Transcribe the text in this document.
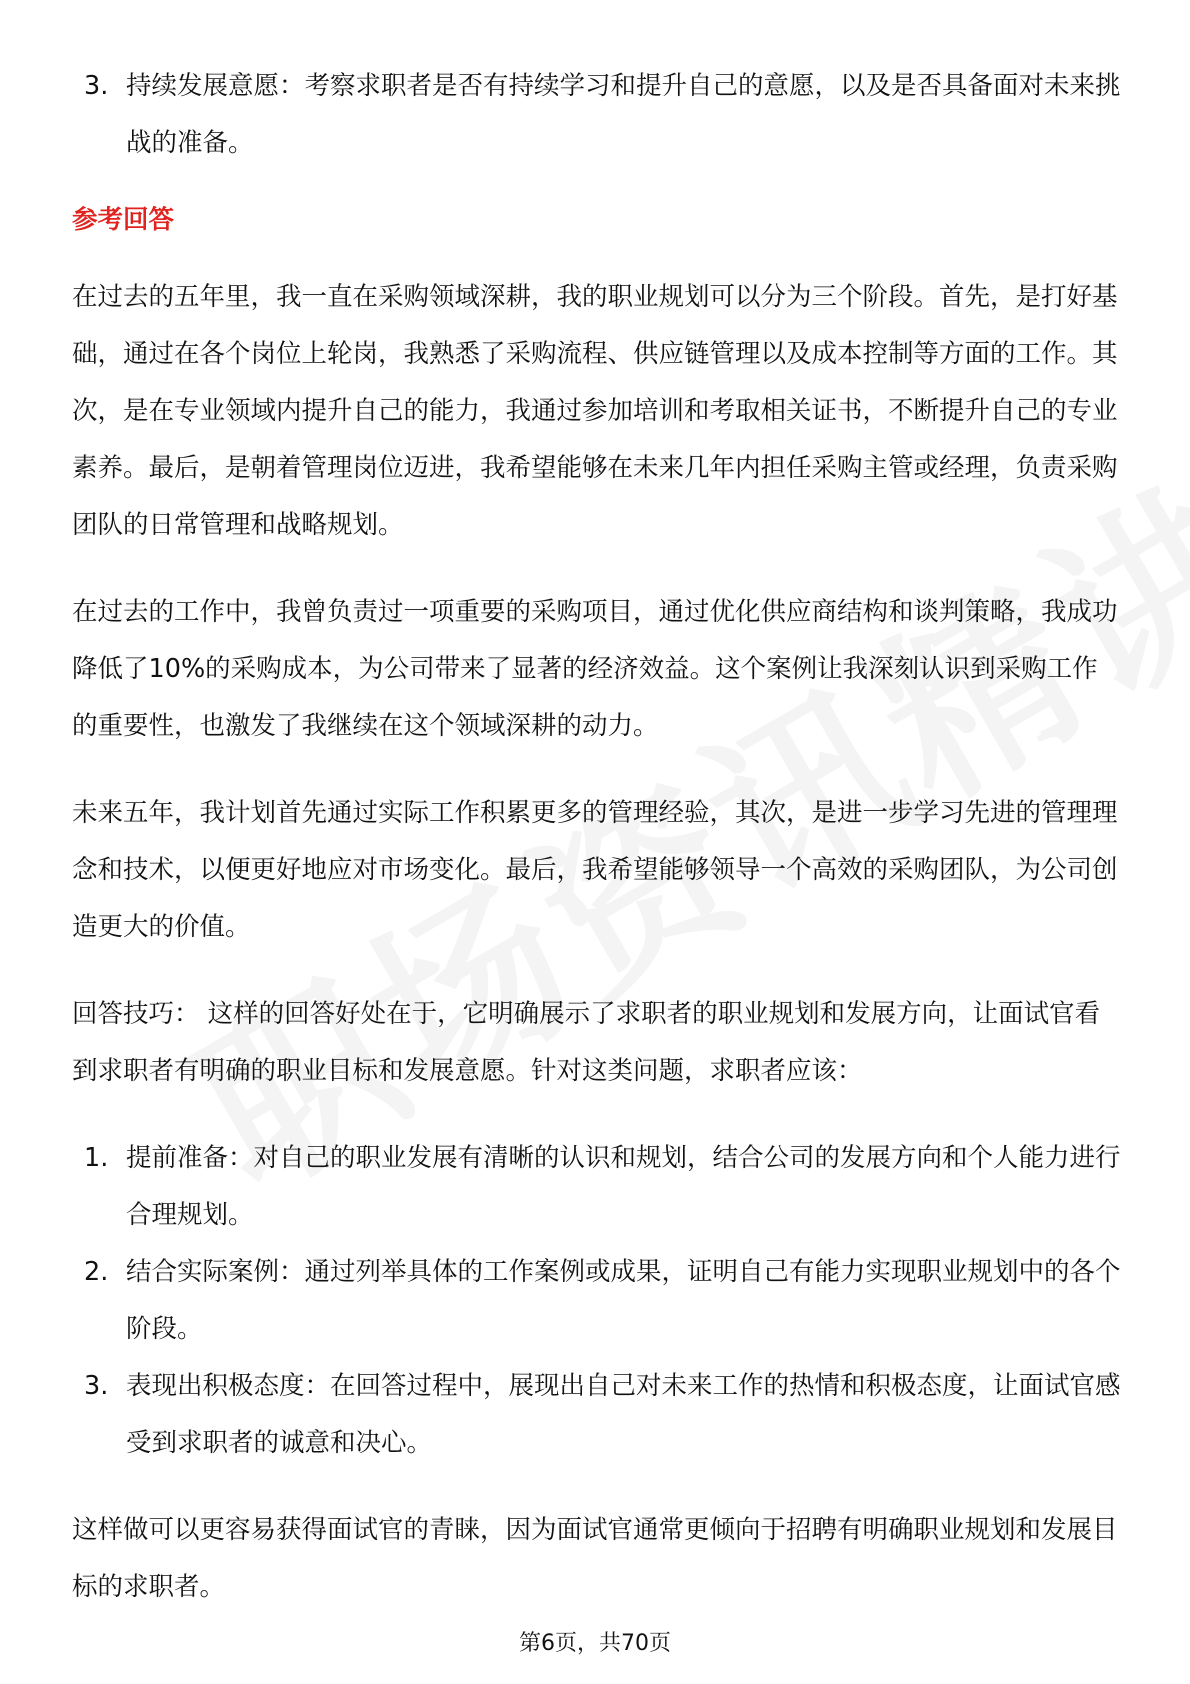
3. 持续发展意愿：考察求职者是否有持续学习和提升自己的意愿，以及是否具备面对未来挑战的准备。
参考回答

在过去的五年里，我一直在采购领域深耕，我的职业规划可以分为三个阶段。首先，是打好基础，通过在各个岗位上轮岗，我熟悉了采购流程、供应链管理以及成本控制等方面的工作。其次，是在专业领域内提升自己的能力，我通过参加培训和考取相关证书，不断提升自己的专业素养。最后，是朝着管理岗位迈进，我希望能够在未来几年内担任采购主管或经理，负责采购团队的日常管理和战略规划。

在过去的工作中，我曾负责过一项重要的采购项目，通过优化供应商结构和谈判策略，我成功降低了10%的采购成本，为公司带来了显著的经济效益。这个案例让我深刻认识到采购工作的重要性，也激发了我继续在这个领域深耕的动力。

未来五年，我计划首先通过实际工作积累更多的管理经验，其次，是进一步学习先进的管理理念和技术，以便更好地应对市场变化。最后，我希望能够领导一个高效的采购团队，为公司创造更大的价值。

回答技巧： 这样的回答好处在于，它明确展示了求职者的职业规划和发展方向，让面试官看到求职者有明确的职业目标和发展意愿。针对这类问题，求职者应该：

1. 提前准备：对自己的职业发展有清晰的认识和规划，结合公司的发展方向和个人能力进行合理规划。
2. 结合实际案例：通过列举具体的工作案例或成果，证明自己有能力实现职业规划中的各个阶段。
3. 表现出积极态度：在回答过程中，展现出自己对未来工作的热情和积极态度，让面试官感受到求职者的诚意和决心。

这样做可以更容易获得面试官的青睐，因为面试官通常更倾向于招聘有明确职业规划和发展目标的求职者。

第6页，共70页
